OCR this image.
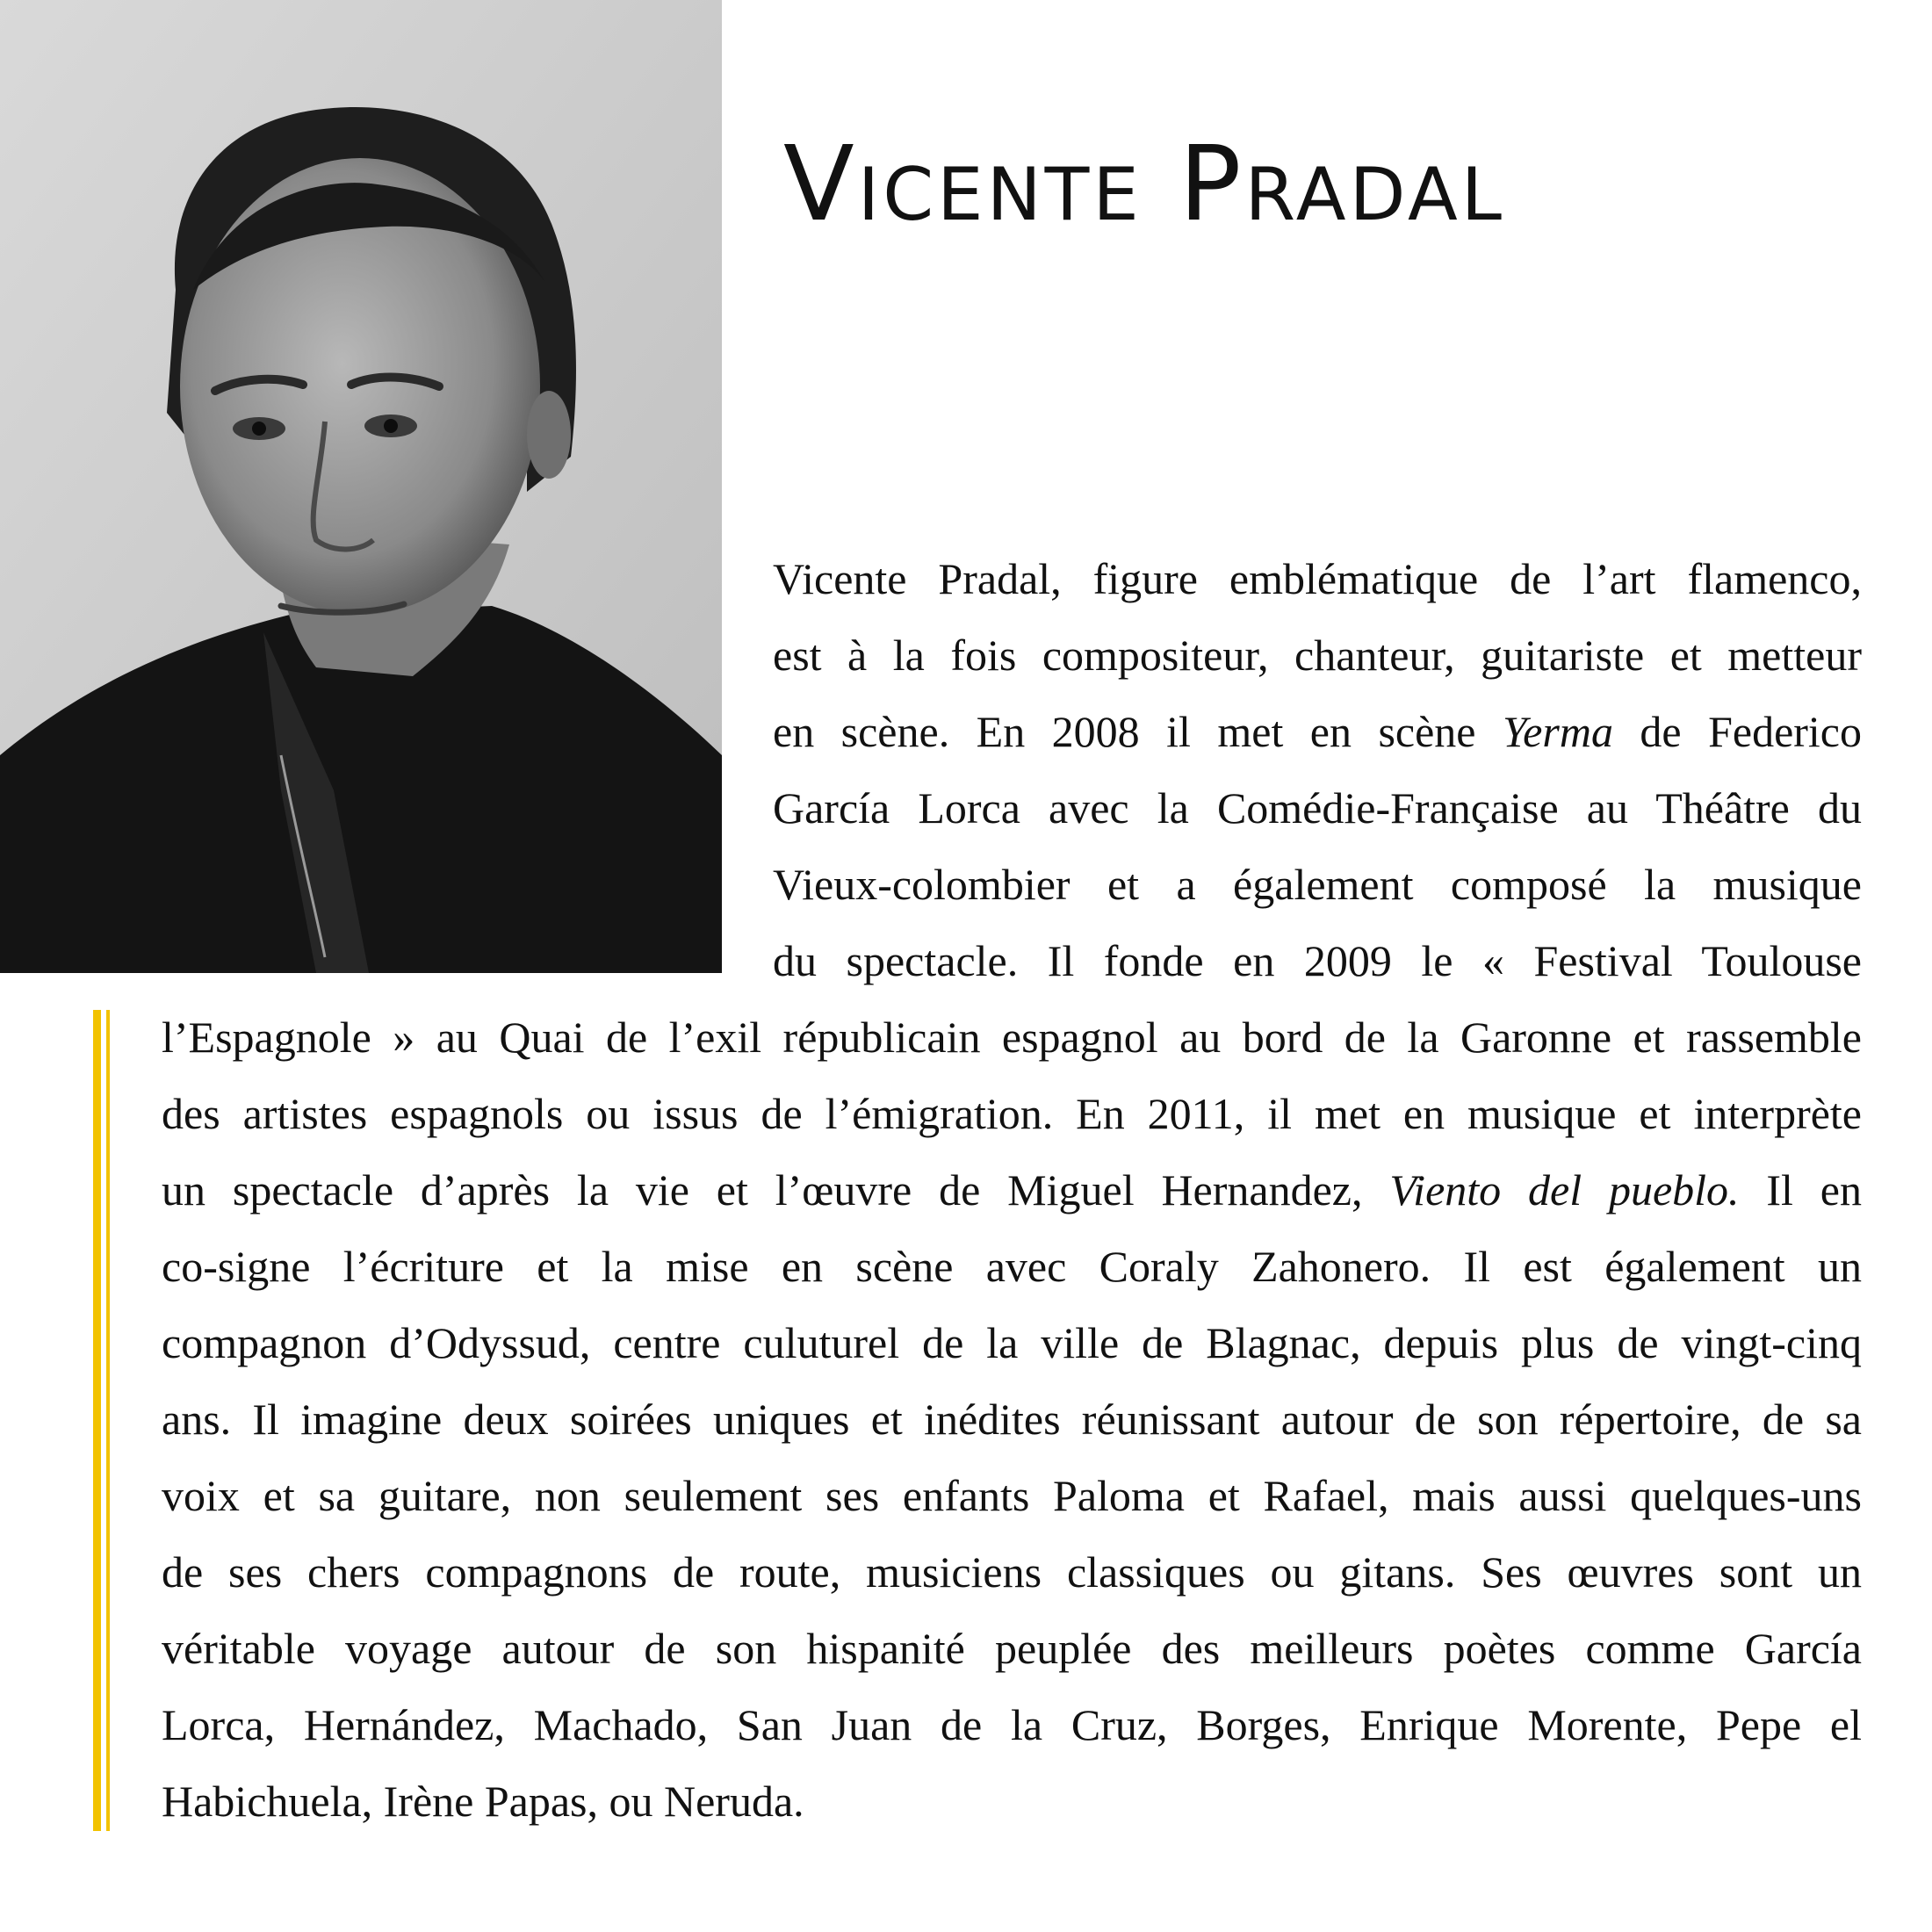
Vicente Pradal
Vicente Pradal, figure emblématique de l’art flamenco,
est à la fois compositeur, chanteur, guitariste et metteur
en scène. En 2008 il met en scène Yerma de Federico
García Lorca avec la Comédie-Française au Théâtre du
Vieux-colombier et a également composé la musique
du spectacle. Il fonde en 2009 le « Festival Toulouse
l’Espagnole » au Quai de l’exil républicain espagnol au bord de la Garonne et rassemble
des artistes espagnols ou issus de l’émigration. En 2011, il met en musique et interprète
un spectacle d’après la vie et l’œuvre de Miguel Hernandez, Viento del pueblo. Il en
co-signe l’écriture et la mise en scène avec Coraly Zahonero. Il est également un
compagnon d’Odyssud, centre culuturel de la ville de Blagnac, depuis plus de vingt-cinq
ans. Il imagine deux soirées uniques et inédites réunissant autour de son répertoire, de sa
voix et sa guitare, non seulement ses enfants Paloma et Rafael, mais aussi quelques-uns
de ses chers compagnons de route, musiciens classiques ou gitans. Ses œuvres sont un
véritable voyage autour de son hispanité peuplée des meilleurs poètes comme García
Lorca, Hernández, Machado, San Juan de la Cruz, Borges, Enrique Morente, Pepe el
Habichuela, Irène Papas, ou Neruda.
